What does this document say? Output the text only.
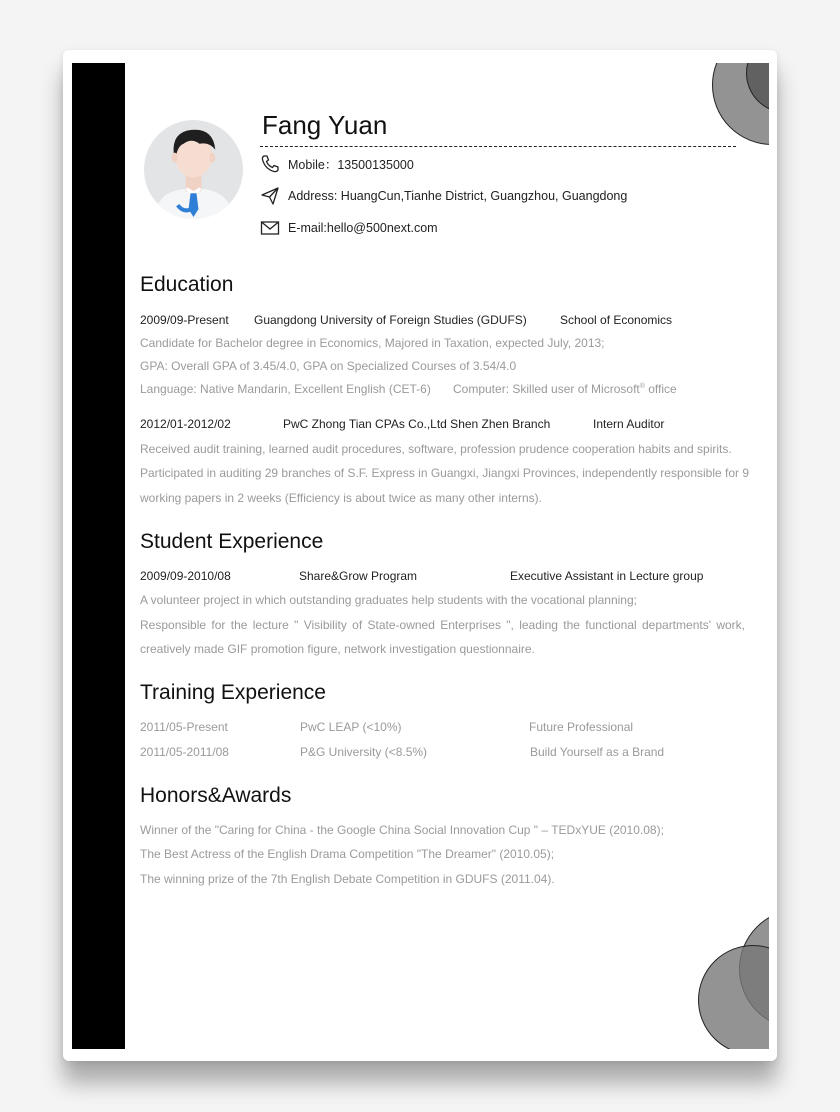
Fang Yuan
Mobile：13500135000
Address: HuangCun,Tianhe District, Guangzhou, Guangdong
E-mail:hello@500next.com
Education
2009/09-Present Guangdong University of Foreign Studies (GDUFS)	School of Economics
Candidate for Bachelor degree in Economics, Majored in Taxation, expected July, 2013;
GPA: Overall GPA of 3.45/4.0, GPA on Specialized Courses of 3.54/4.0
Language: Native Mandarin, Excellent English (CET-6) Computer: Skilled user of Microsoft® office
2012/01-2012/02	PwC Zhong Tian CPAs Co.,Ltd Shen Zhen Branch	Intern Auditor
Received audit training, learned audit procedures, software, profession prudence cooperation habits and spirits.
Participated in auditing 29 branches of S.F. Express in Guangxi, Jiangxi Provinces, independently responsible for 9
working papers in 2 weeks (Efficiency is about twice as many other interns).
Student Experience
2009/09-2010/08	Share&Grow Program	Executive Assistant in Lecture group
A volunteer project in which outstanding graduates help students with the vocational planning;
Responsible for the lecture " Visibility of State-owned Enterprises ", leading the functional departments' work,
creatively made GIF promotion figure, network investigation questionnaire.
Training Experience
2011/05-Present	PwC LEAP (<10%)	Future Professional
2011/05-2011/08	P&G University (<8.5%)	Build Yourself as a Brand
Honors&Awards
Winner of the "Caring for China - the Google China Social Innovation Cup " – TEDxYUE (2010.08);
The Best Actress of the English Drama Competition "The Dreamer" (2010.05);
The winning prize of the 7th English Debate Competition in GDUFS (2011.04).
